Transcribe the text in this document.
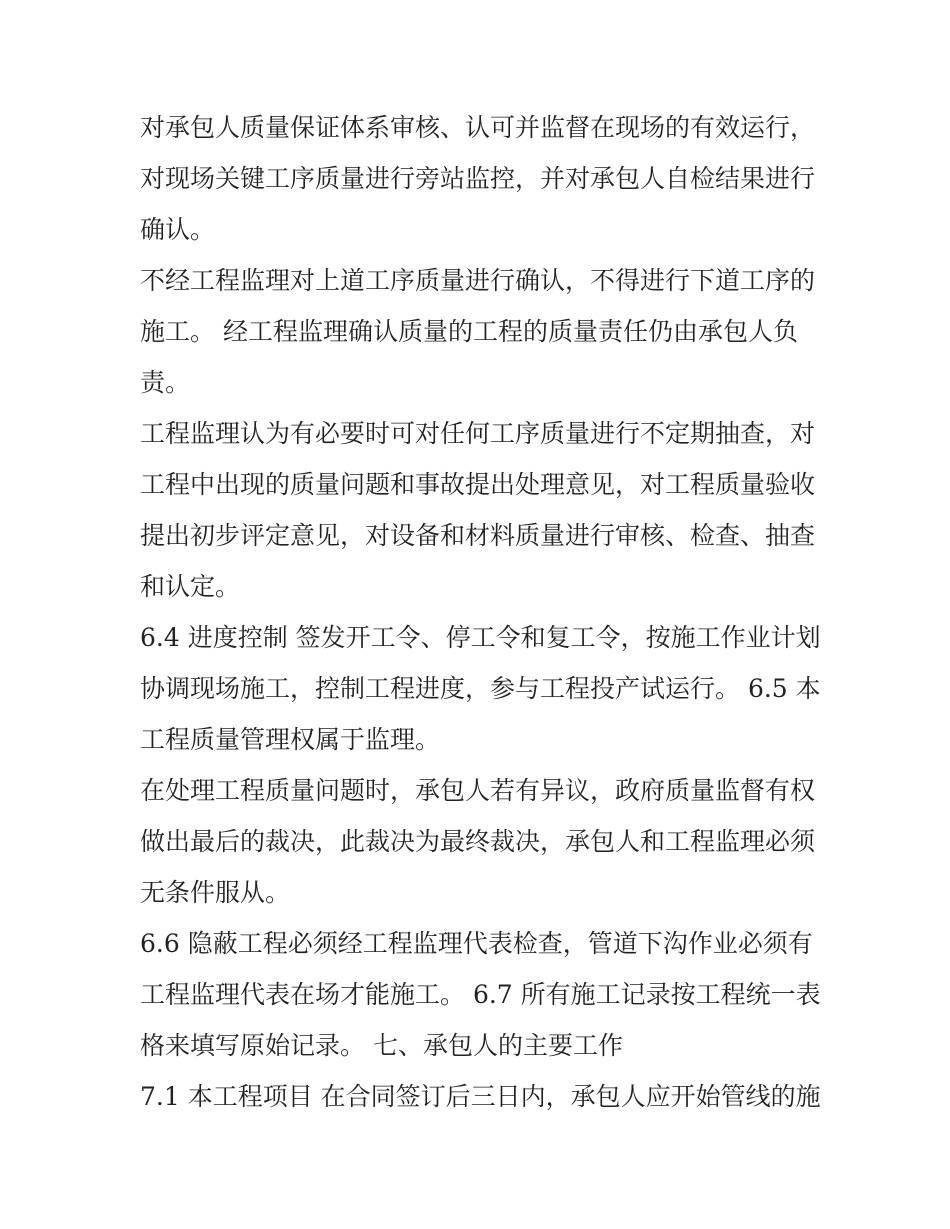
对承包人质量保证体系审核、认可并监督在现场的有效运行，
对现场关键工序质量进行旁站监控，并对承包人自检结果进行
确认。
不经工程监理对上道工序质量进行确认，不得进行下道工序的
施工。 经工程监理确认质量的工程的质量责任仍由承包人负
责。
工程监理认为有必要时可对任何工序质量进行不定期抽查，对
工程中出现的质量问题和事故提出处理意见，对工程质量验收
提出初步评定意见，对设备和材料质量进行审核、检查、抽查
和认定。
6.4 进度控制 签发开工令、停工令和复工令，按施工作业计划
协调现场施工，控制工程进度，参与工程投产试运行。 6.5 本
工程质量管理权属于监理。
在处理工程质量问题时，承包人若有异议，政府质量监督有权
做出最后的裁决，此裁决为最终裁决，承包人和工程监理必须
无条件服从。
6.6 隐蔽工程必须经工程监理代表检查，管道下沟作业必须有
工程监理代表在场才能施工。 6.7 所有施工记录按工程统一表
格来填写原始记录。 七、承包人的主要工作
7.1 本工程项目 在合同签订后三日内，承包人应开始管线的施
